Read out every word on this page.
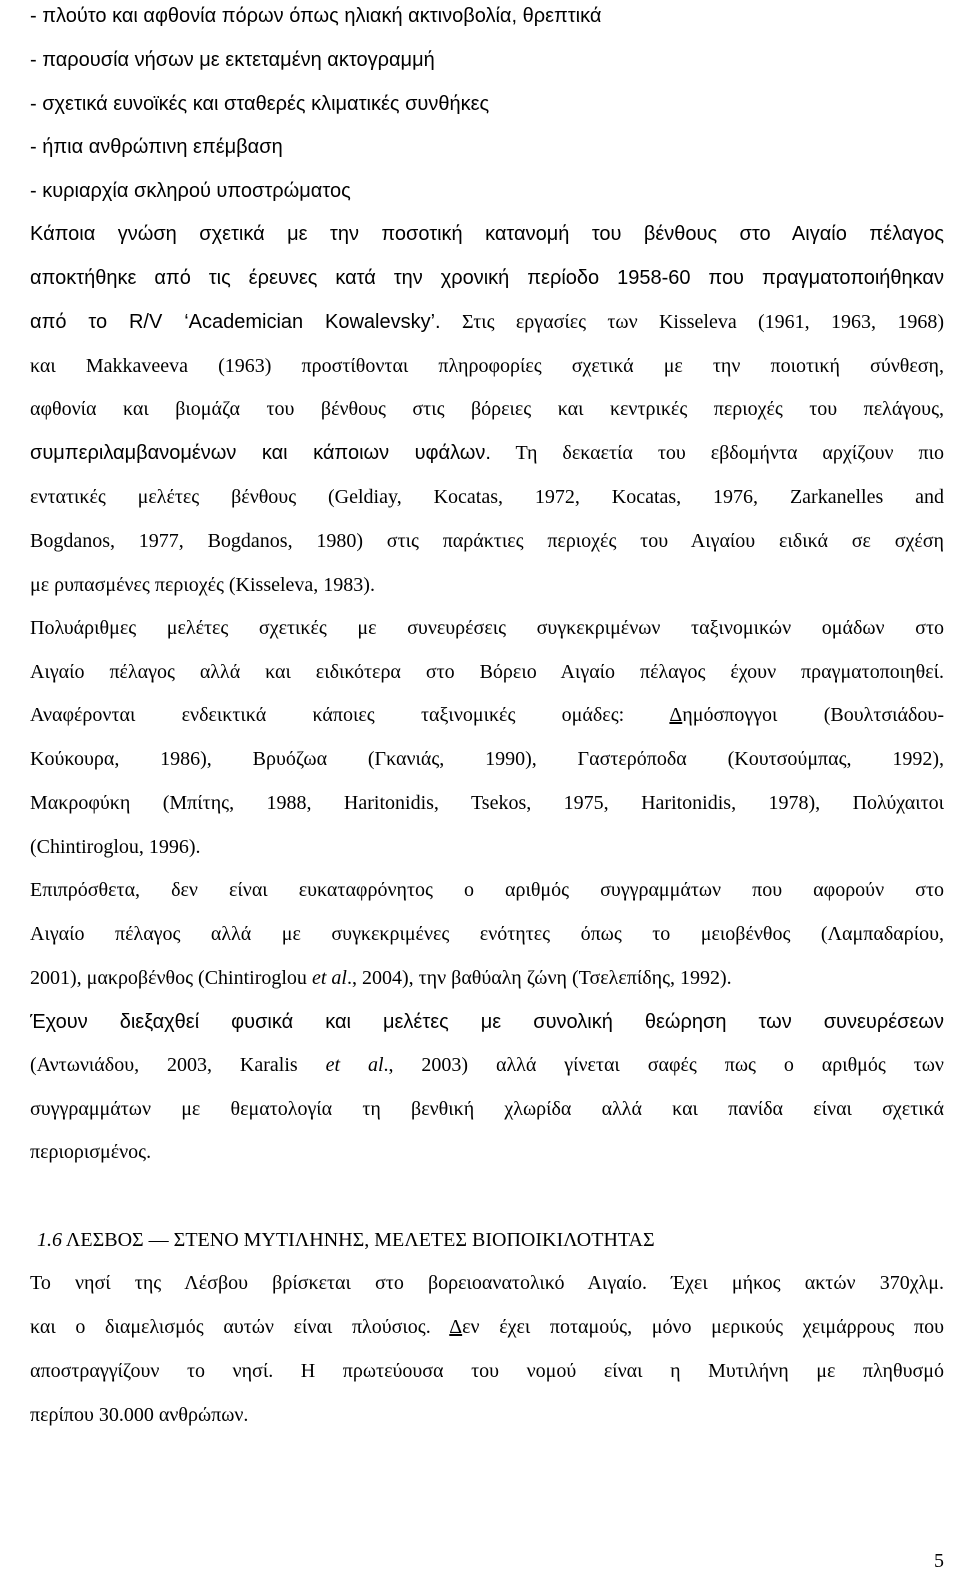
- πλούτο και αφθονία πόρων όπως ηλιακή ακτινοβολία, θρεπτικά
- παρουσία νήσων με εκτεταμένη ακτογραμμή
- σχετικά ευνοϊκές και σταθερές κλιματικές συνθήκες
- ήπια ανθρώπινη επέμβαση
- κυριαρχία σκληρού υποστρώματος
Κάποια γνώση σχετικά με την ποσοτική κατανομή του βένθους στο Αιγαίο πέλαγος
αποκτήθηκε από τις έρευνες κατά την χρονική περίοδο 1958-60 που πραγματοποιήθηκαν
από το R/V ‘Academician Kowalevsky’. Στις εργασίες των Kisseleva (1961, 1963, 1968)
και Makkaveeva (1963) προστίθονται πληροφορίες σχετικά με την ποιοτική σύνθεση,
αφθονία και βιομάζα του βένθους στις βόρειες και κεντρικές περιοχές του πελάγους,
συμπεριλαμβανομένων και κάποιων υφάλων. Τη δεκαετία του εβδομήντα αρχίζουν πιο
εντατικές μελέτες βένθους (Geldiay, Kocatas, 1972, Kocatas, 1976, Zarkanelles and
Bogdanos, 1977, Bogdanos, 1980) στις παράκτιες περιοχές του Αιγαίου ειδικά σε σχέση
με ρυπασμένες περιοχές (Kisseleva, 1983).
Πολυάριθμες μελέτες σχετικές με συνευρέσεις συγκεκριμένων ταξινομικών ομάδων στο
Αιγαίο πέλαγος αλλά και ειδικότερα στο Βόρειο Αιγαίο πέλαγος έχουν πραγματοποιηθεί.
Αναφέρονται ενδεικτικά κάποιες ταξινομικές ομάδες: Δημόσπογγοι (Βουλτσιάδου-
Κούκουρα, 1986), Βρυόζωα (Γκανιάς, 1990), Γαστερόποδα (Κουτσούμπας, 1992),
Μακροφύκη (Μπίτης, 1988, Haritonidis, Tsekos, 1975, Haritonidis, 1978), Πολύχαιτοι
(Chintiroglou, 1996).
Επιπρόσθετα, δεν είναι ευκαταφρόνητος ο αριθμός συγγραμμάτων που αφορούν στο
Αιγαίο πέλαγος αλλά με συγκεκριμένες ενότητες όπως το μειοβένθος (Λαμπαδαρίου,
2001), μακροβένθος (Chintiroglou et al., 2004), την βαθύαλη ζώνη (Τσελεπίδης, 1992).
Έχουν διεξαχθεί φυσικά και μελέτες με συνολική θεώρηση των συνευρέσεων
(Αντωνιάδου, 2003, Karalis et al., 2003) αλλά γίνεται σαφές πως ο αριθμός των
συγγραμμάτων με θεματολογία τη βενθική χλωρίδα αλλά και πανίδα είναι σχετικά
περιορισμένος.
1.6 ΛΕΣΒΟΣ — ΣΤΕΝΟ ΜΥΤΙΛΗΝΗΣ, ΜΕΛΕΤΕΣ ΒΙΟΠΟΙΚΙΛΟΤΗΤΑΣ
Το νησί της Λέσβου βρίσκεται στο βορειοανατολικό Αιγαίο. Έχει μήκος ακτών 370χλμ.
και ο διαμελισμός αυτών είναι πλούσιος. Δεν έχει ποταμούς, μόνο μερικούς χειμάρρους που
αποστραγγίζουν το νησί. Η πρωτεύουσα του νομού είναι η Μυτιλήνη με πληθυσμό
περίπου 30.000 ανθρώπων.
5
